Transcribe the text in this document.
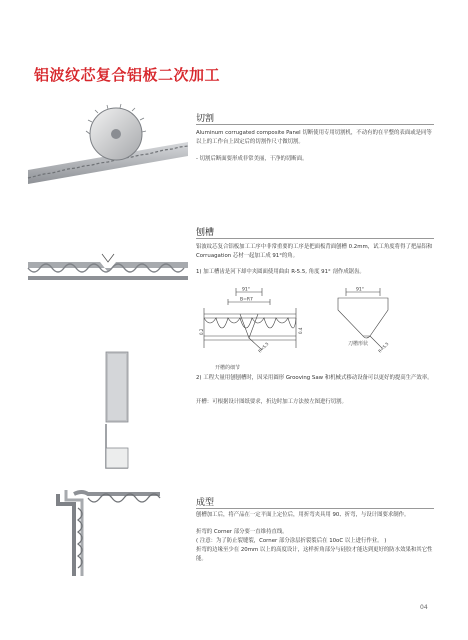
铝波纹芯复合铝板二次加工
切割
Aluminum corrugated composite Panel 切断使用专用切割机，不动有的在平整的表面或是同等以上的工作台上固定后的切割作尺寸做切割。
- 切割后断面要形成非常美丽，干净的切断面。
刨槽
铝波纹芯复合铝板加工工序中非常重要的工序是把面板背面刨槽 0.2mm，试工角度将得了把晶铝和 Corruagation 芯材一起加工成 91°的角。
1) 加工槽齿是河下却中夹圆面使用曲由 R-5.5, 角度 91° 剖作成锯齿。
91°
B=R7
0.2	0.4
R=5.5
91°
R=5.5
刀槽形状
开槽的细节
2) 工程大量用刨刨槽时，因采用圆形 Grooving Saw 和机械式移动设备可以更好的提高生产效率。
开槽：可根据设计图纸要求，折边时加工方法按左图进行切割。
成型
刨槽加工后，将产品在一定平面上定位后，用折弯夹具用 90、折弯，与设计图要求制作。
折弯的 Corner 部分要一直维持直线。
( 注意：为了防止裂缝裂，Corner 部分涂层折裂裂后在 10oC 以上进行作业。 )
折弯的边缘至少在 20mm 以上的高度设计，这样折角部分与硅胶才能达到更好的防水效果和其它性能。
04
